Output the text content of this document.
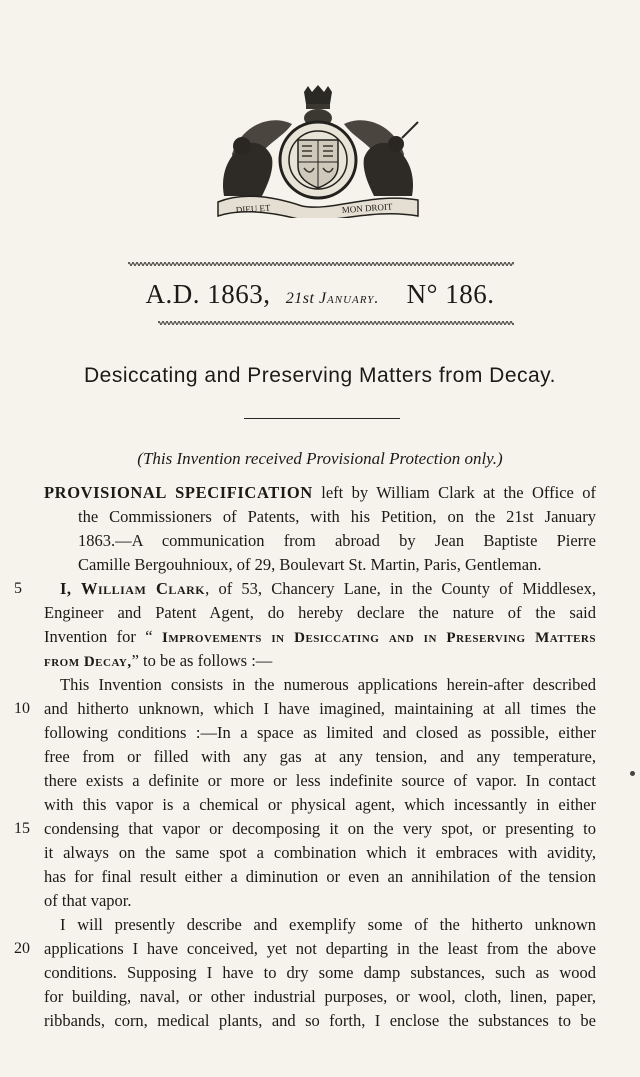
DIEU ET	MON DROIT
A.D. 1863, 21st January. N° 186.
Desiccating and Preserving Matters from Decay.
(This Invention received Provisional Protection only.)
PROVISIONAL SPECIFICATION left by William Clark at the Office of
the Commissioners of Patents, with his Petition, on the 21st January
1863.—A communication from abroad by Jean Baptiste Pierre
Camille Bergouhnioux, of 29, Boulevart St. Martin, Paris, Gentleman.
5	I, William Clark, of 53, Chancery Lane, in the County of Middlesex,
Engineer and Patent Agent, do hereby declare the nature of the said
Invention for “ Improvements in Desiccating and in Preserving Matters
from Decay,” to be as follows :—
This Invention consists in the numerous applications herein-after described
10 and hitherto unknown, which I have imagined, maintaining at all times the
following conditions :—In a space as limited and closed as possible, either
free from or filled with any gas at any tension, and any temperature,
there exists a definite or more or less indefinite source of vapor. In contact
with this vapor is a chemical or physical agent, which incessantly in either
15 condensing that vapor or decomposing it on the very spot, or presenting to
it always on the same spot a combination which it embraces with avidity,
has for final result either a diminution or even an annihilation of the tension
of that vapor.
I will presently describe and exemplify some of the hitherto unknown
20 applications I have conceived, yet not departing in the least from the above
conditions. Supposing I have to dry some damp substances, such as wood
for building, naval, or other industrial purposes, or wool, cloth, linen, paper,
ribbands, corn, medical plants, and so forth, I enclose the substances to be
